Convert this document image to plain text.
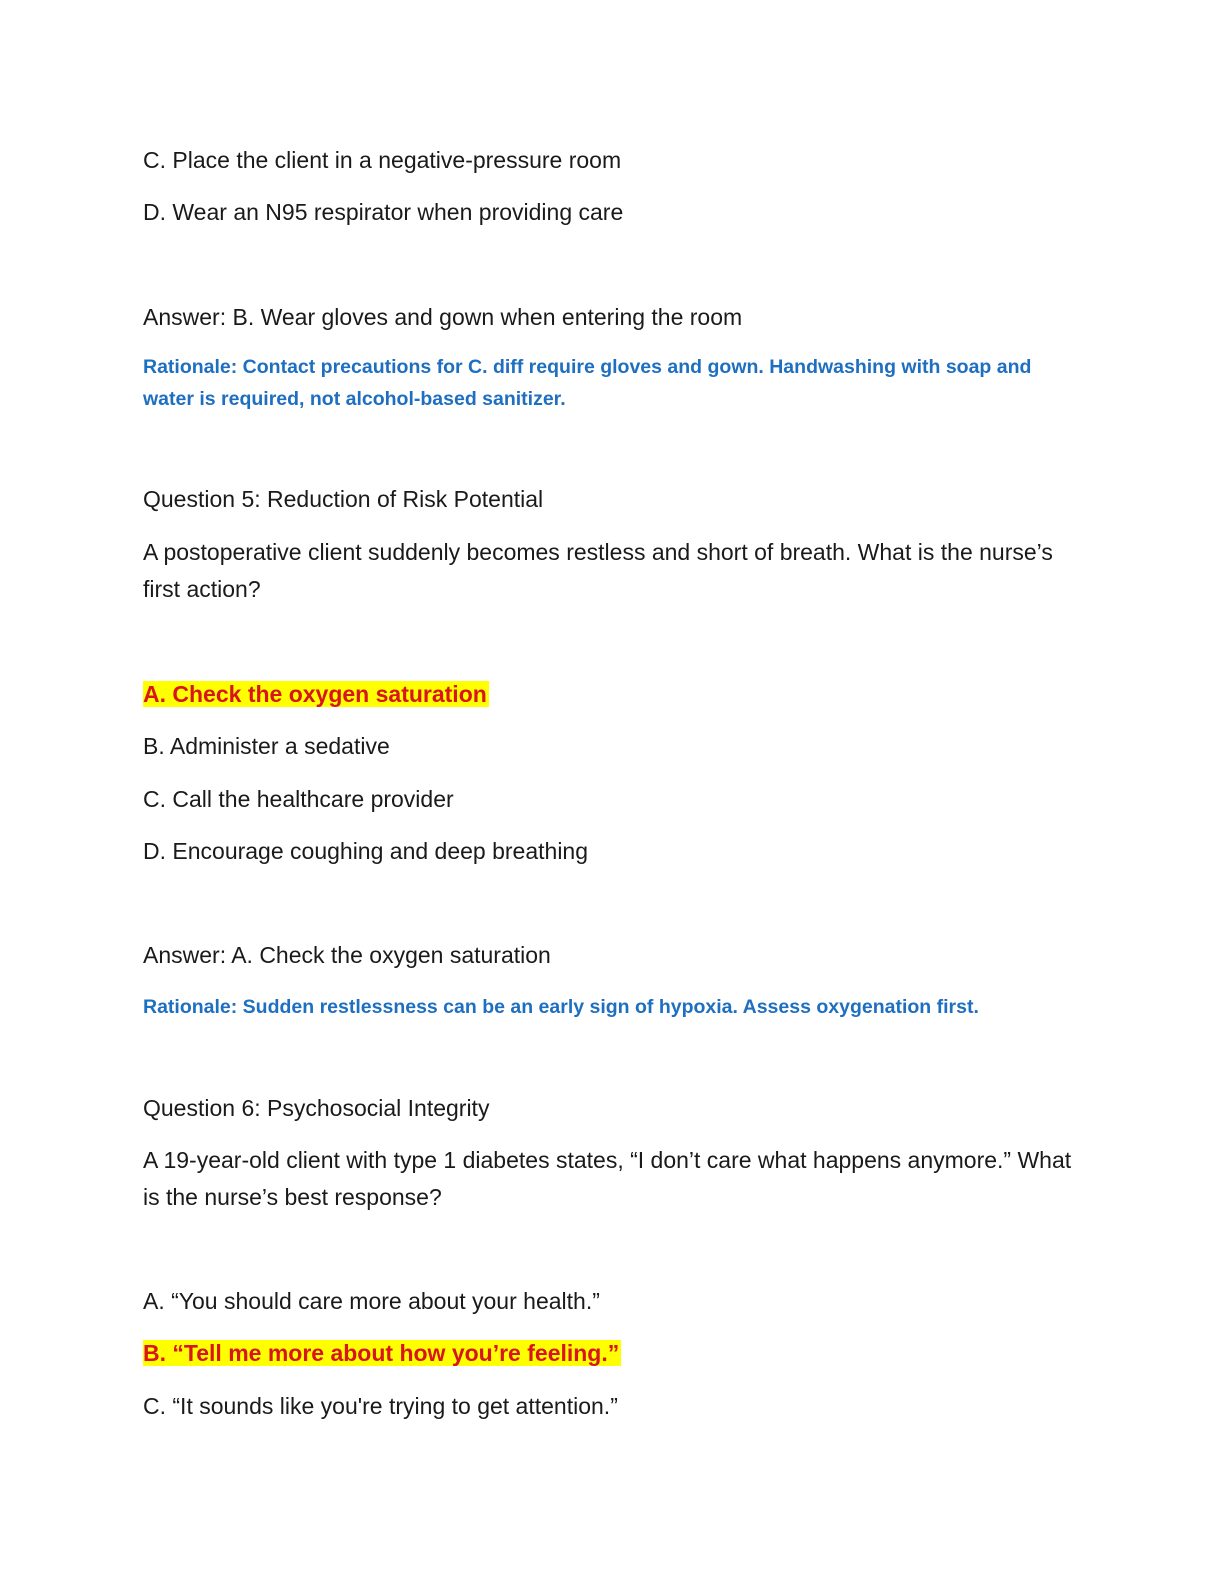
C. Place the client in a negative-pressure room

D. Wear an N95 respirator when providing care

Answer: B. Wear gloves and gown when entering the room

Rationale: Contact precautions for C. diff require gloves and gown. Handwashing with soap and water is required, not alcohol-based sanitizer.

Question 5: Reduction of Risk Potential

A postoperative client suddenly becomes restless and short of breath. What is the nurse’s first action?

A. Check the oxygen saturation

B. Administer a sedative

C. Call the healthcare provider

D. Encourage coughing and deep breathing

Answer: A. Check the oxygen saturation

Rationale: Sudden restlessness can be an early sign of hypoxia. Assess oxygenation first.

Question 6: Psychosocial Integrity

A 19-year-old client with type 1 diabetes states, “I don’t care what happens anymore.” What is the nurse’s best response?

A. “You should care more about your health.”

B. “Tell me more about how you’re feeling.”

C. “It sounds like you're trying to get attention.”
